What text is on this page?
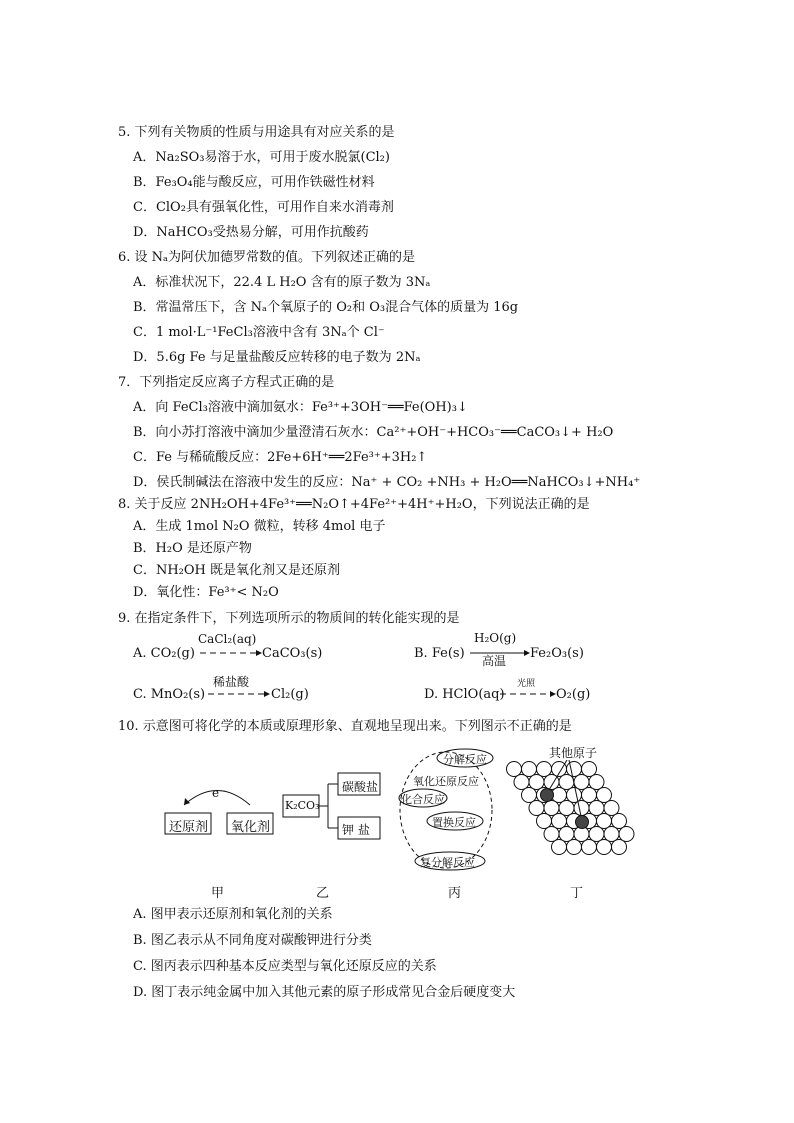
5. 下列有关物质的性质与用途具有对应关系的是
A．Na₂SO₃易溶于水，可用于废水脱氯(Cl₂)
B．Fe₃O₄能与酸反应，可用作铁磁性材料
C．ClO₂具有强氧化性，可用作自来水消毒剂
D．NaHCO₃受热易分解，可用作抗酸药
6. 设 Nₐ为阿伏加德罗常数的值。下列叙述正确的是
A．标准状况下，22.4 L H₂O 含有的原子数为 3Nₐ
B．常温常压下，含 Nₐ个氧原子的 O₂和 O₃混合气体的质量为 16g
C．1 mol·L⁻¹FeCl₃溶液中含有 3Nₐ个 Cl⁻
D．5.6g Fe 与足量盐酸反应转移的电子数为 2Nₐ
7．下列指定反应离子方程式正确的是
A．向 FeCl₃溶液中滴加氨水：Fe³⁺+3OH⁻══Fe(OH)₃↓
B．向小苏打溶液中滴加少量澄清石灰水：Ca²⁺+OH⁻+HCO₃⁻══CaCO₃↓+ H₂O
C．Fe 与稀硫酸反应：2Fe+6H⁺══2Fe³⁺+3H₂↑
D．侯氏制碱法在溶液中发生的反应：Na⁺ + CO₂ +NH₃ + H₂O══NaHCO₃↓+NH₄⁺
8. 关于反应 2NH₂OH+4Fe³⁺══N₂O↑+4Fe²⁺+4H⁺+H₂O，下列说法正确的是
A．生成 1mol N₂O 微粒，转移 4mol 电子
B．H₂O 是还原产物
C．NH₂OH 既是氧化剂又是还原剂
D．氧化性：Fe³⁺< N₂O
9. 在指定条件下，下列选项所示的物质间的转化能实现的是
A. CO₂(g)
CaCl₂(aq)
CaCO₃(s)	B. Fe(s)
H₂O(g)
高温 Fe₂O₃(s)
C. MnO₂(s)
稀盐酸
Cl₂(g)	D. HClO(aq)
光照
O₂(g)
10. 示意图可将化学的本质或原理形象、直观地呈现出来。下列图示不正确的是
e⁻
还原剂 氧化剂
甲
K₂CO₃
碳酸盐
钾 盐
乙
分解反应
氧化还原反应
化合反应
置换反应
复分解反应
丙
其他原子
丁
A. 图甲表示还原剂和氧化剂的关系
B. 图乙表示从不同角度对碳酸钾进行分类
C. 图丙表示四种基本反应类型与氧化还原反应的关系
D. 图丁表示纯金属中加入其他元素的原子形成常见合金后硬度变大
